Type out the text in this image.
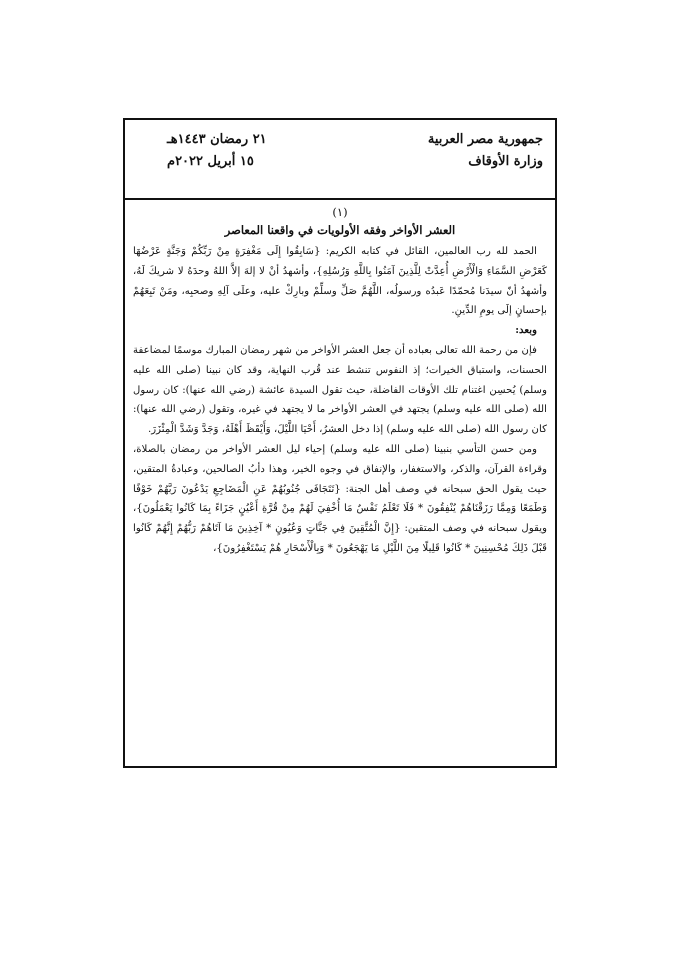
جمهورية مصر العربية
وزارة الأوقاف
٢١ رمضان ١٤٤٣هـ
١٥ أبريل ٢٠٢٢م

(١)

العشر الأواخر وفقه الأولويات في واقعنا المعاصر

الحمد لله رب العالمين، القائل في كتابه الكريم: {سَابِقُوا إِلَى مَغْفِرَةٍ مِنْ رَبِّكُمْ وَجَنَّةٍ عَرْضُهَا كَعَرْضِ السَّمَاءِ وَالْأَرْضِ أُعِدَّتْ لِلَّذِينَ آمَنُوا بِاللَّهِ وَرُسُلِهِ}، وأشهدُ أنْ لا إلهَ إلاَّ اللهُ وحدَهُ لا شريكَ لَهُ، وأشهدُ أنّ سيدَنا مُحمّدًا عَبدُه ورسولُه، اللَّهُمَّ صَلِّ وسلِّمْ وبارِكْ عليه، وعلَى آلِهِ وصحبِه، ومَنْ تَبِعَهُمْ بإحسانٍ إلَى يومِ الدِّينِ.

وبعد:

فإن من رحمة الله تعالى بعباده أن جعل العشر الأواخر من شهر رمضان المبارك موسمًا لمضاعفة الحسنات، واستباق الخيرات؛ إذ النفوس تنشط عند قُرب النهاية، وقد كان نبينا (صلى الله عليه وسلم) يُحسِن اغتنام تلك الأوقات الفاضلة، حيث تقول السيدة عائشة (رضي الله عنها): كان رسول الله (صلى الله عليه وسلم) يجتهد في العشر الأواخر ما لا يجتهد في غيره، وتقول (رضي الله عنها): كان رسول الله (صلى الله عليه وسلم) إذا دخل العشرُ، أَحْيَا اللَّيْلَ، وَأَيْقَظَ أَهْلَهُ، وَجَدَّ وَشَدَّ الْمِئْزَرَ.

ومن حسن التأسي بنبينا (صلى الله عليه وسلم) إحياء ليل العشر الأواخر من رمضان بالصلاة، وقراءة القرآن، والذكر، والاستغفار، والإنفاق في وجوه الخير، وهذا دأبُ الصالحين، وعبادةُ المتقين، حيث يقول الحق سبحانه في وصف أهل الجنة: {تَتَجَافَى جُنُوبُهُمْ عَنِ الْمَضَاجِعِ يَدْعُونَ رَبَّهُمْ خَوْفًا وَطَمَعًا وَمِمَّا رَزَقْنَاهُمْ يُنْفِقُونَ * فَلَا تَعْلَمُ نَفْسٌ مَا أُخْفِيَ لَهُمْ مِنْ قُرَّةِ أَعْيُنٍ جَزَاءً بِمَا كَانُوا يَعْمَلُونَ}، ويقول سبحانه في وصف المتقين: {إِنَّ الْمُتَّقِينَ فِي جَنَّاتٍ وَعُيُونٍ * آخِذِينَ مَا آتَاهُمْ رَبُّهُمْ إِنَّهُمْ كَانُوا قَبْلَ ذَلِكَ مُحْسِنِينَ * كَانُوا قَلِيلًا مِنَ اللَّيْلِ مَا يَهْجَعُونَ * وَبِالْأَسْحَارِ هُمْ يَسْتَغْفِرُونَ}،
